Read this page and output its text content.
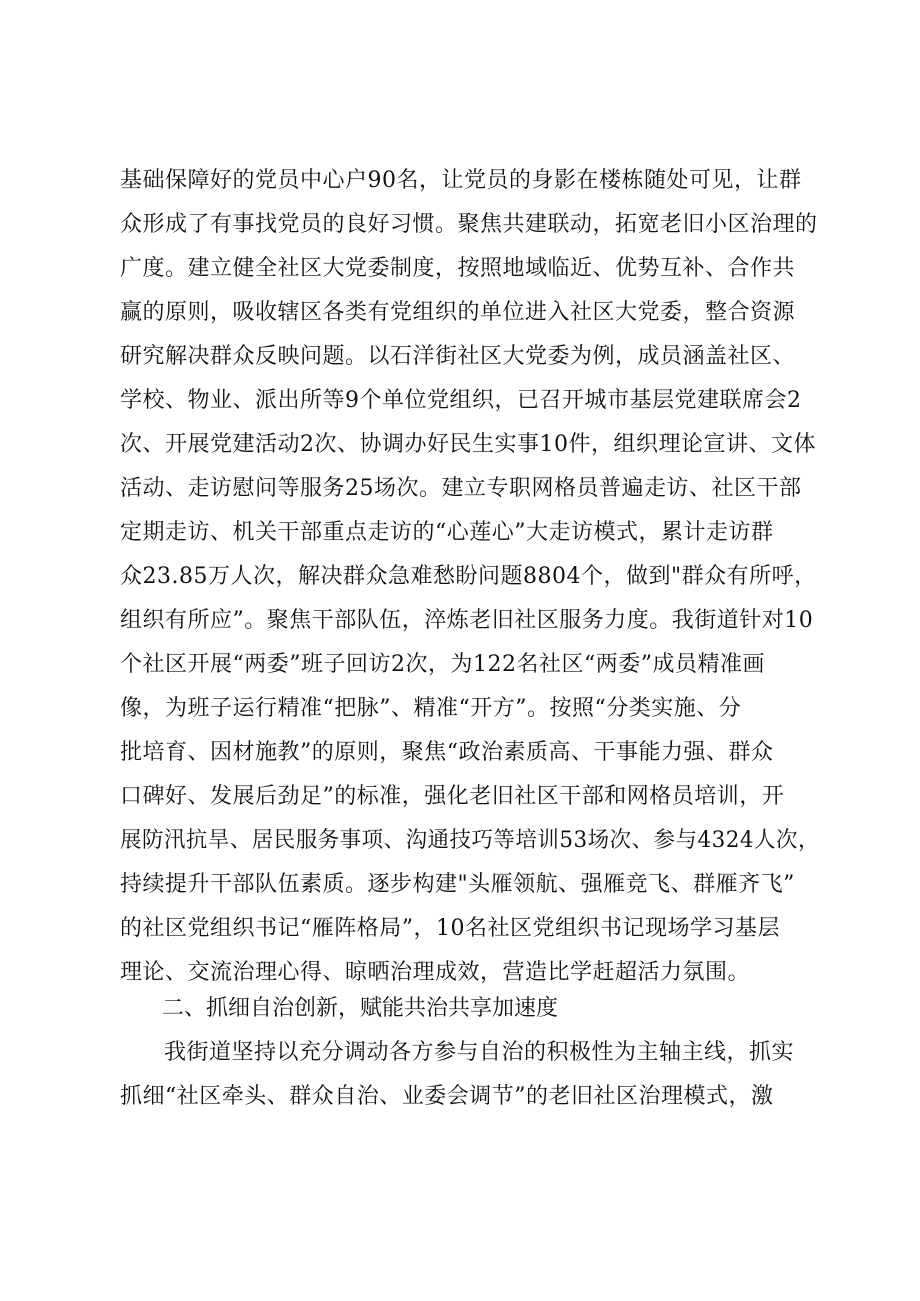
基础保障好的党员中心户90名，让党员的身影在楼栋随处可见，让群
众形成了有事找党员的良好习惯。聚焦共建联动，拓宽老旧小区治理的
广度。建立健全社区大党委制度，按照地域临近、优势互补、合作共
赢的原则，吸收辖区各类有党组织的单位进入社区大党委，整合资源
研究解决群众反映问题。以石洋街社区大党委为例，成员涵盖社区、
学校、物业、派出所等9个单位党组织，已召开城市基层党建联席会2
次、开展党建活动2次、协调办好民生实事10件，组织理论宣讲、文体
活动、走访慰问等服务25场次。建立专职网格员普遍走访、社区干部
定期走访、机关干部重点走访的“心莲心”大走访模式，累计走访群
众23.85万人次，解决群众急难愁盼问题8804个，做到"群众有所呼，
组织有所应”。聚焦干部队伍，淬炼老旧社区服务力度。我街道针对10
个社区开展“两委”班子回访2次，为122名社区“两委”成员精准画
像，为班子运行精准“把脉”、精准“开方”。按照“分类实施、分
批培育、因材施教”的原则，聚焦“政治素质高、干事能力强、群众
口碑好、发展后劲足”的标准，强化老旧社区干部和网格员培训，开
展防汛抗旱、居民服务事项、沟通技巧等培训53场次、参与4324人次，
持续提升干部队伍素质。逐步构建"头雁领航、强雁竞飞、群雁齐飞”
的社区党组织书记“雁阵格局”，10名社区党组织书记现场学习基层
理论、交流治理心得、晾晒治理成效，营造比学赶超活力氛围。
二、抓细自治创新，赋能共治共享加速度
我街道坚持以充分调动各方参与自治的积极性为主轴主线，抓实
抓细“社区牵头、群众自治、业委会调节”的老旧社区治理模式，激
